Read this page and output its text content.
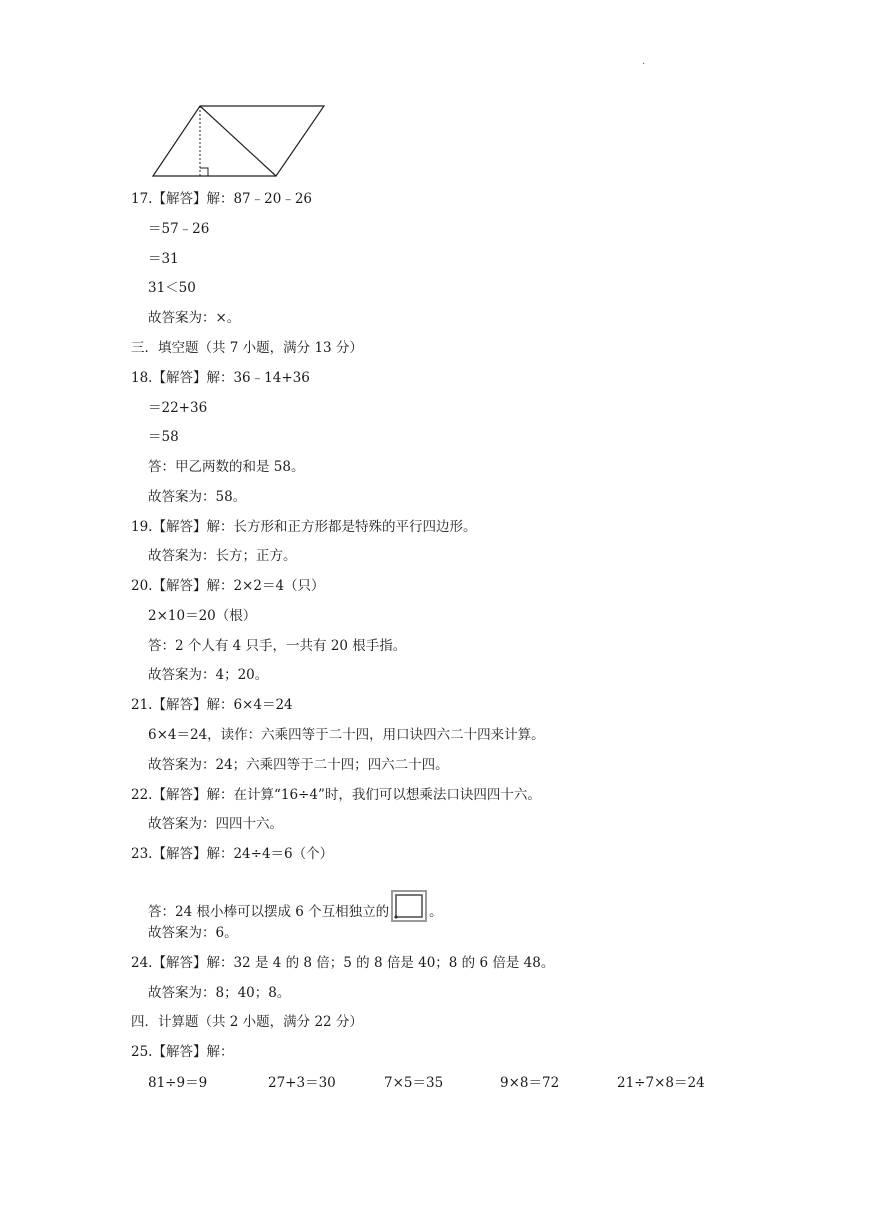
.
17.【解答】解：87﹣20﹣26
＝57﹣26
＝31
31＜50
故答案为：×。
三．填空题（共 7 小题，满分 13 分）
18.【解答】解：36﹣14+36
＝22+36
＝58
答：甲乙两数的和是 58。
故答案为：58。
19.【解答】解：长方形和正方形都是特殊的平行四边形。
故答案为：长方；正方。
20.【解答】解：2×2＝4（只）
2×10＝20（根）
答：2 个人有 4 只手，一共有 20 根手指。
故答案为：4；20。
21.【解答】解：6×4＝24
6×4＝24，读作：六乘四等于二十四，用口诀四六二十四来计算。
故答案为：24；六乘四等于二十四；四六二十四。
22.【解答】解：在计算“16÷4”时，我们可以想乘法口诀四四十六。
故答案为：四四十六。
23.【解答】解：24÷4＝6（个）
答：24 根小棒可以摆成 6 个互相独立的	。
故答案为：6。
24.【解答】解：32 是 4 的 8 倍；5 的 8 倍是 40；8 的 6 倍是 48。
故答案为：8；40；8。
四．计算题（共 2 小题，满分 22 分）
25.【解答】解：
81÷9＝9	27+3＝30	7×5＝35	9×8＝72	21÷7×8＝24
